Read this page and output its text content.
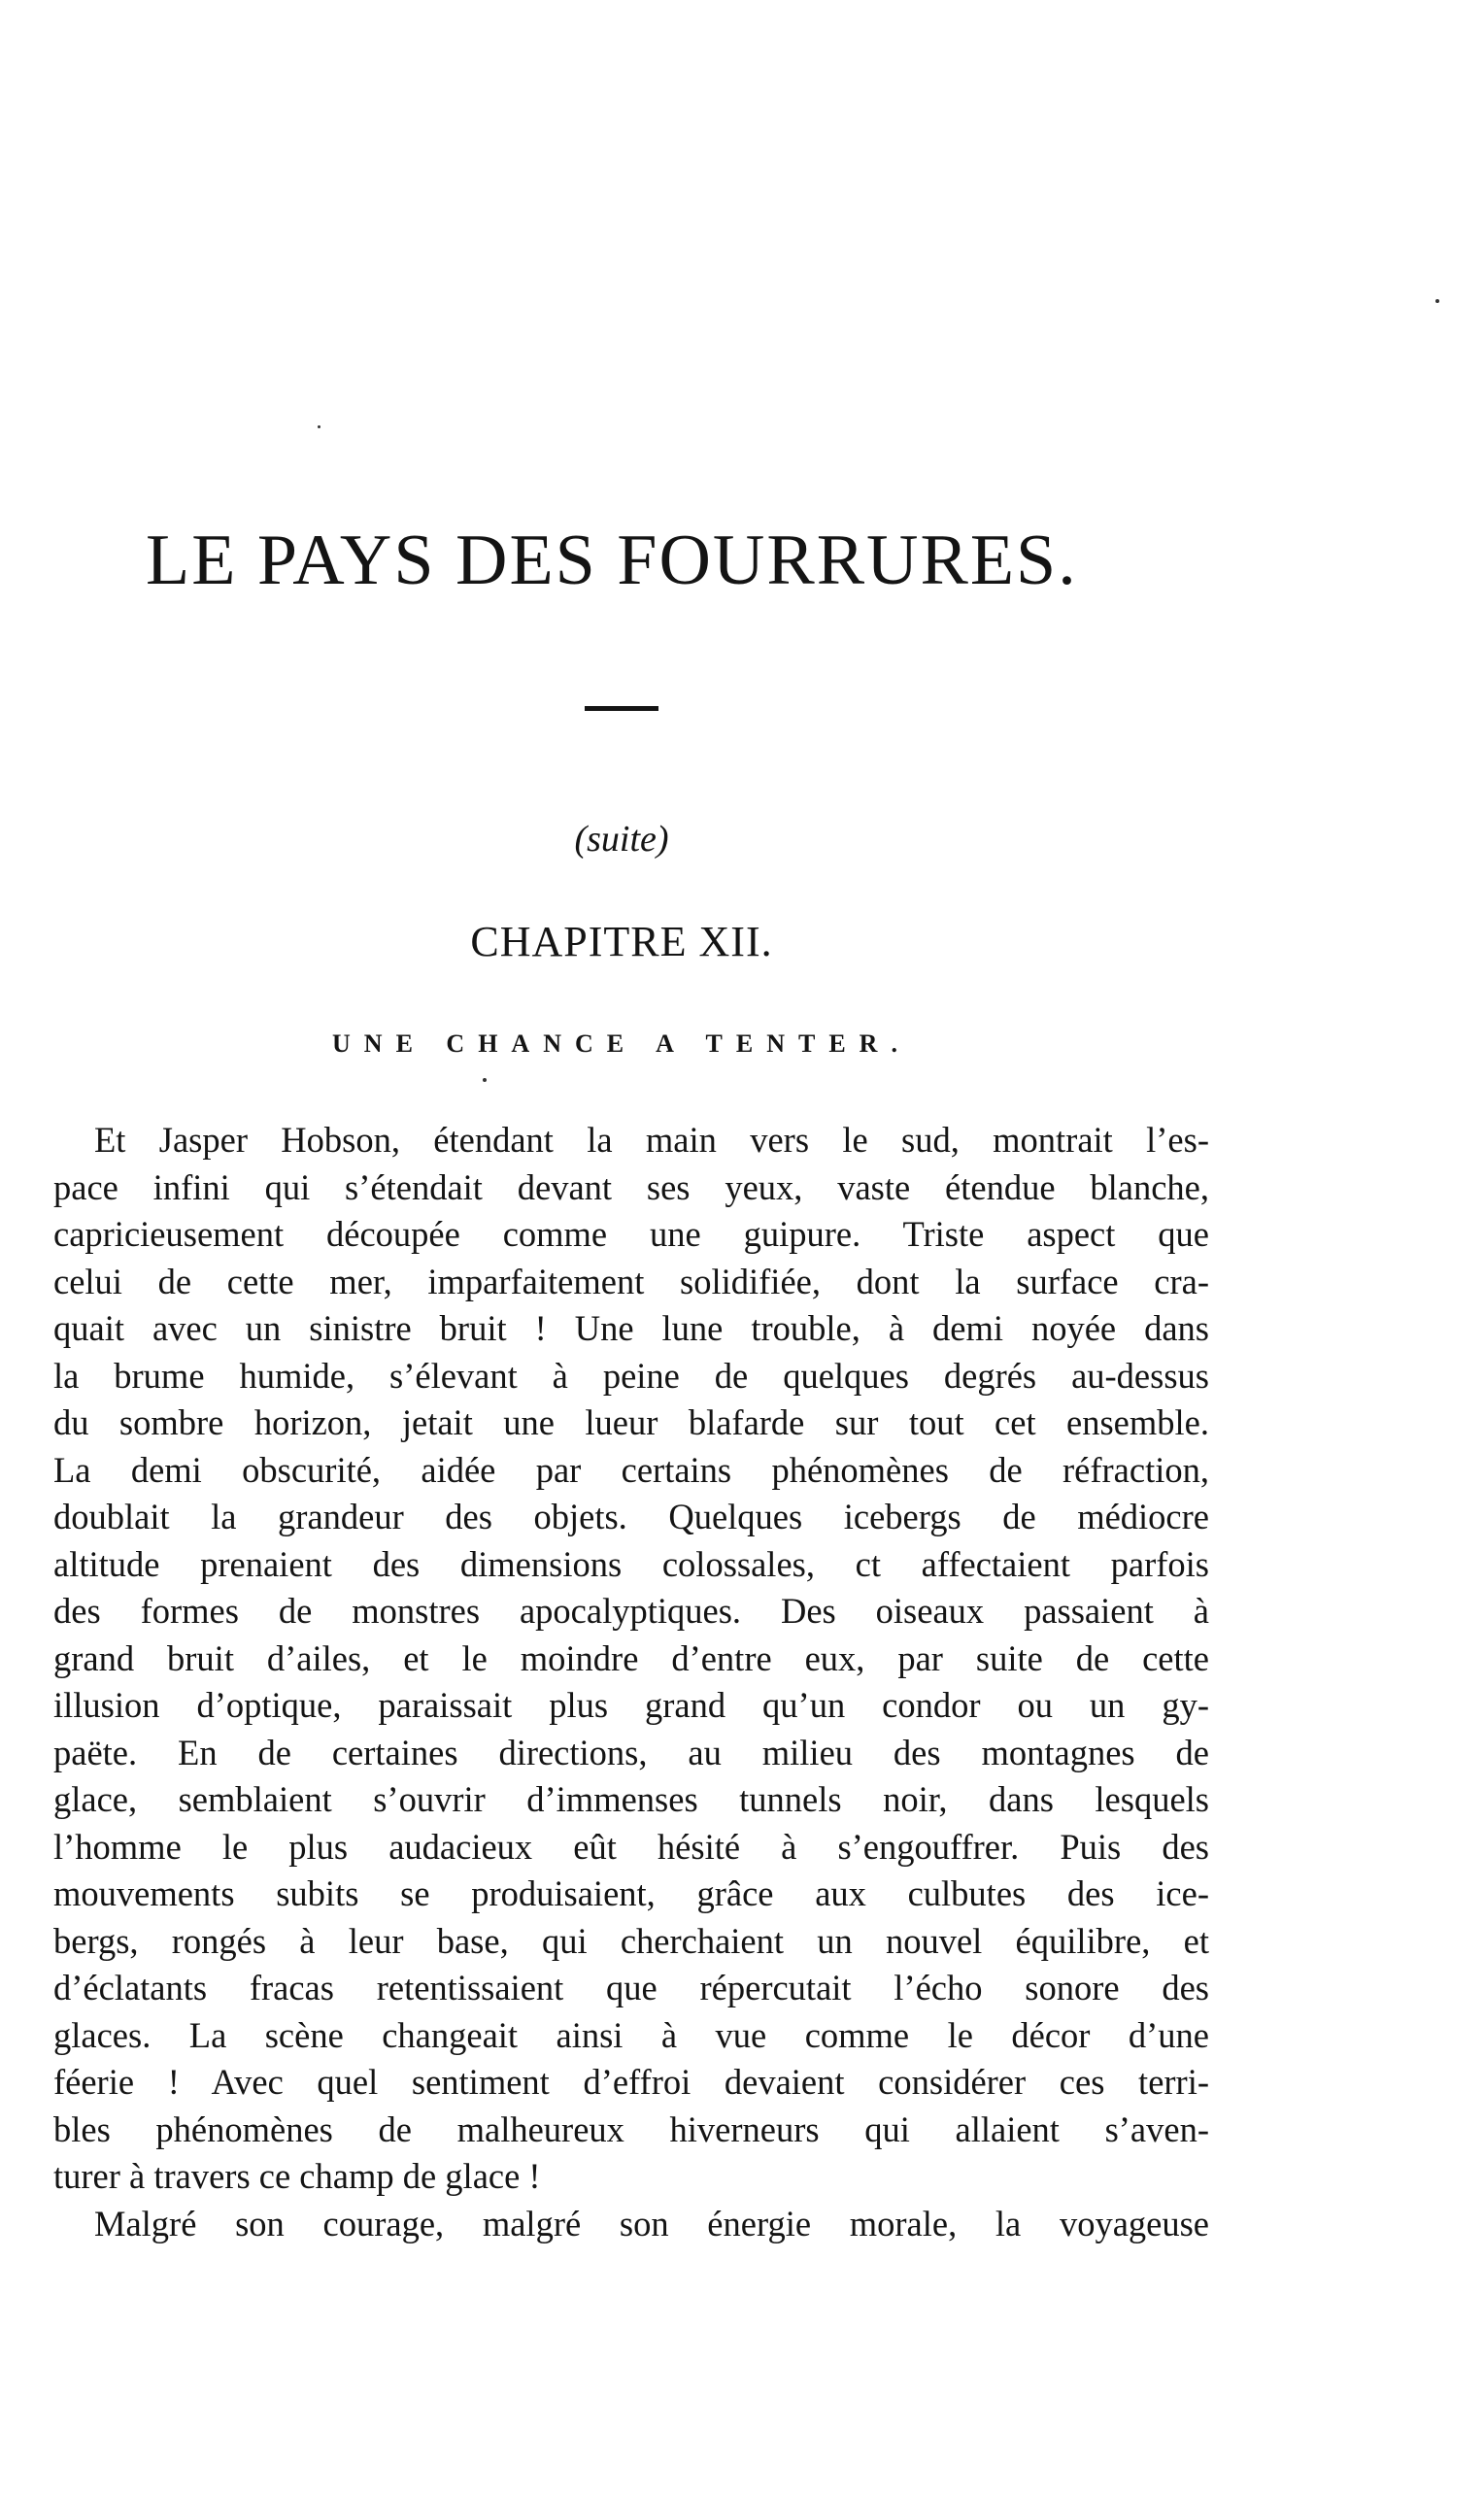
LE PAYS DES FOURRURES.
(suite)
CHAPITRE XII.
UNE CHANCE A TENTER.
Et Jasper Hobson, étendant la main vers le sud, montrait l’es-
pace infini qui s’étendait devant ses yeux, vaste étendue blanche,
capricieusement découpée comme une guipure. Triste aspect que
celui de cette mer, imparfaitement solidifiée, dont la surface cra-
quait avec un sinistre bruit ! Une lune trouble, à demi noyée dans
la brume humide, s’élevant à peine de quelques degrés au-dessus
du sombre horizon, jetait une lueur blafarde sur tout cet ensemble.
La demi obscurité, aidée par certains phénomènes de réfraction,
doublait la grandeur des objets. Quelques icebergs de médiocre
altitude prenaient des dimensions colossales, ct affectaient parfois
des formes de monstres apocalyptiques. Des oiseaux passaient à
grand bruit d’ailes, et le moindre d’entre eux, par suite de cette
illusion d’optique, paraissait plus grand qu’un condor ou un gy-
paëte. En de certaines directions, au milieu des montagnes de
glace, semblaient s’ouvrir d’immenses tunnels noir, dans lesquels
l’homme le plus audacieux eût hésité à s’engouffrer. Puis des
mouvements subits se produisaient, grâce aux culbutes des ice-
bergs, rongés à leur base, qui cherchaient un nouvel équilibre, et
d’éclatants fracas retentissaient que répercutait l’écho sonore des
glaces. La scène changeait ainsi à vue comme le décor d’une
féerie ! Avec quel sentiment d’effroi devaient considérer ces terri-
bles phénomènes de malheureux hiverneurs qui allaient s’aven-
turer à travers ce champ de glace !
Malgré son courage, malgré son énergie morale, la voyageuse
